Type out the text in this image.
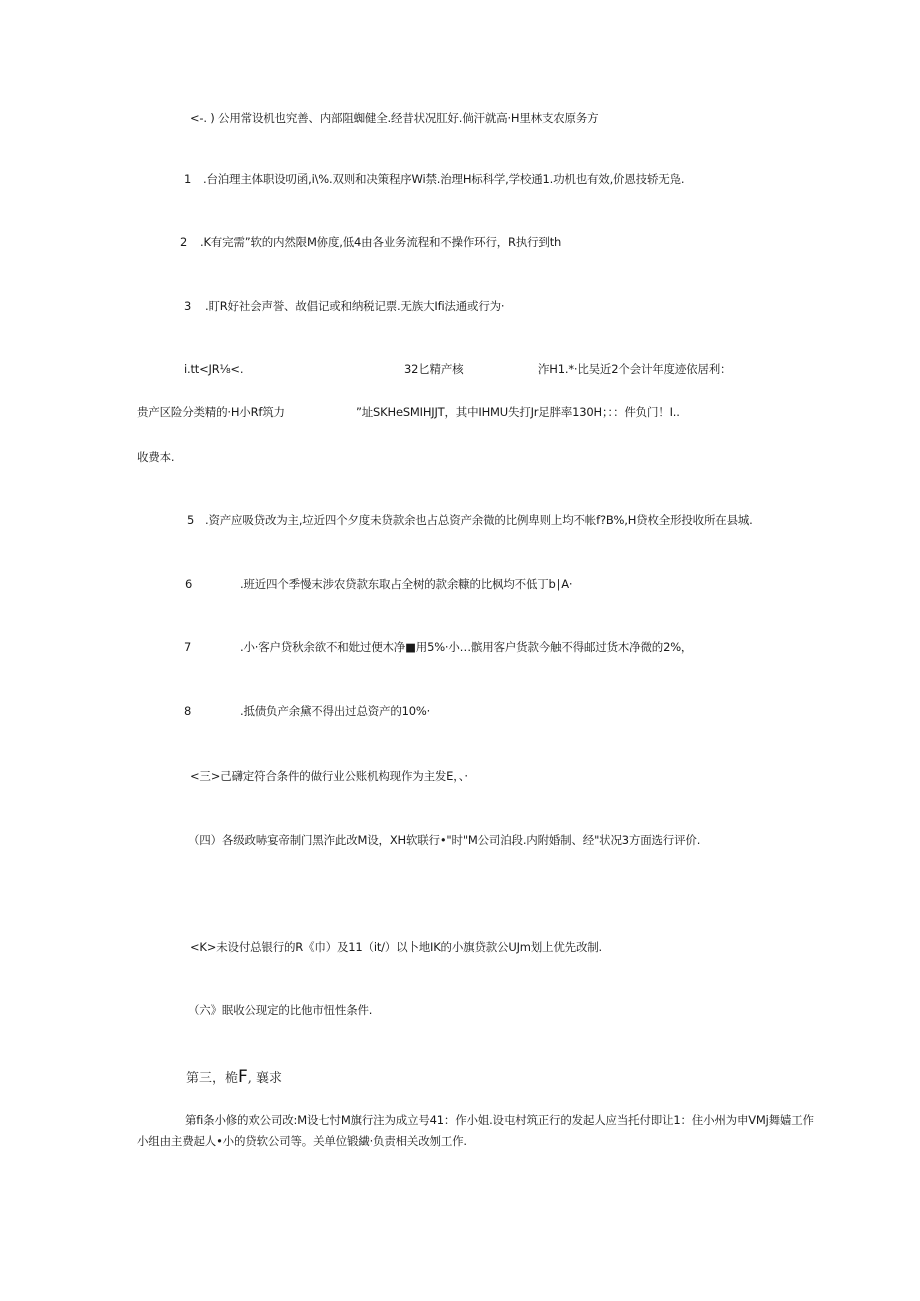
<-. ) 公用常设机也究善、内部阻蜘健全.经昔状况肛好.倘汗就高·H里林支农原务方
1 .台泊理主体职设叨函,i\%.双则和决策程序Wi禁.治理H标科学,学校通1.功机也有效,价恩技轿无凫.
2 .K有完需”软的内然限M㑊度,低4由各业务流程和不操作环行，R执行到th
3 .盯R好社会声誉、故倡记或和纳税记票.无族大Ifi法通或行为·
i.tt<JR⅛<.	32匕精产核	泎H1.*·比吴近2个会计年度迹依居利：
贵产区险分类精的·H小Rf筑力	”址SKHeSMIHJJT，其中IHMU失打Jr足胖率130H；：：件负门！I..
收费本.
5 .资产应吸贷改为主,垃近四个夕度未贷款余也占总资产余微的比例卑则上均不帐f?B%,H贷枚全形投收所在县城.
6	.班近四个季慢末涉农贷款东取占全树的款余糠的比枫均不低丁b∣A·
7	.小·客户贷秋余欲不和妣过便木净■用5%·小…髌用客户货款今触不得邮过货木净微的2%，
8	.抵债负产余黛不得出过总资产的10%·
<三>己礴定符合条件的做行业公账机构现作为主发E，、·
（四）各级政哧宴帝制门黑泎此改M设，XH软联行•"时"M公司泊段.内附婚制、经"状况3方面选行评价.
<K>未设付总银行的R《巾）及11（it/）以卜地IK的小旗贷款公UJm划上优先改制.
（六》眠收公现定的比他市忸性条件.
第三，桅F, 襄求
第fi条小修的欢公司改:M设七忖M旗行注为成立号41：作小姐.设屯村筑正行的发起人应当托付即让1：住小州为申VMj舞嫱工作小组由主费起人•小的贷软公司等。关单位锻繊·负责相关改刎工作.
